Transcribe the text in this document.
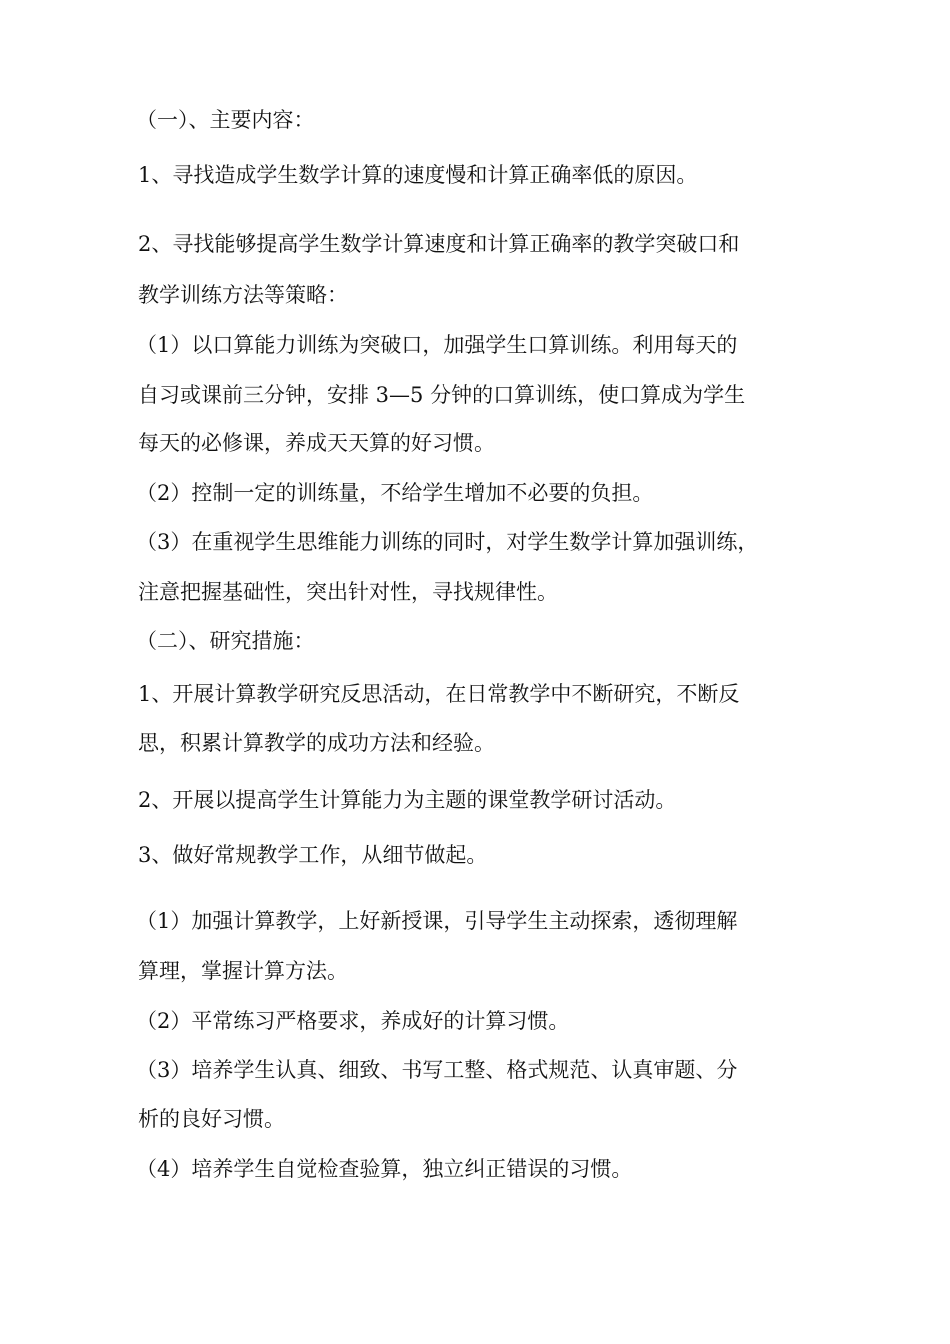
（一）、主要内容：
1、寻找造成学生数学计算的速度慢和计算正确率低的原因。
2、寻找能够提高学生数学计算速度和计算正确率的教学突破口和
教学训练方法等策略：
（1）以口算能力训练为突破口，加强学生口算训练。利用每天的
自习或课前三分钟，安排 3—5 分钟的口算训练，使口算成为学生
每天的必修课，养成天天算的好习惯。
（2）控制一定的训练量，不给学生增加不必要的负担。
（3）在重视学生思维能力训练的同时，对学生数学计算加强训练，
注意把握基础性，突出针对性，寻找规律性。
（二）、研究措施：
1、开展计算教学研究反思活动，在日常教学中不断研究，不断反
思，积累计算教学的成功方法和经验。
2、开展以提高学生计算能力为主题的课堂教学研讨活动。
3、做好常规教学工作，从细节做起。
（1）加强计算教学，上好新授课，引导学生主动探索，透彻理解
算理，掌握计算方法。
（2）平常练习严格要求，养成好的计算习惯。
（3）培养学生认真、细致、书写工整、格式规范、认真审题、分
析的良好习惯。
（4）培养学生自觉检查验算，独立纠正错误的习惯。
